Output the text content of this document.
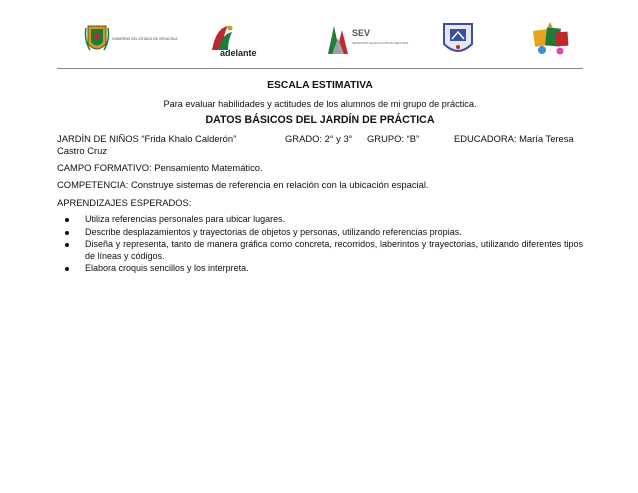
GOBIERNO DEL ESTADO DE VERACRUZ
adelante
SEV
SECRETARÍA DE EDUCACIÓN DE VERACRUZ
ESCALA ESTIMATIVA
Para evaluar habilidades y actitudes de los alumnos de mi grupo de práctica.
DATOS BÁSICOS DEL JARDÍN DE PRÁCTICA
JARDÍN DE NIÑOS “Frida Khalo Calderón”	GRADO: 2° y 3° GRUPO: “B”	EDUCADORA: María Teresa
Castro Cruz
CAMPO FORMATIVO: Pensamiento Matemático.
COMPETENCIA: Construye sistemas de referencia en relación con la ubicación espacial.
APRENDIZAJES ESPERADOS:
Utiliza referencias personales para ubicar lugares.
Describe desplazamientos y trayectorias de objetos y personas, utilizando referencias propias.
Diseña y representa, tanto de manera gráfica como concreta, recorridos, laberintos y trayectorias, utilizando diferentes tipos de líneas y códigos.
Elabora croquis sencillos y los interpreta.
